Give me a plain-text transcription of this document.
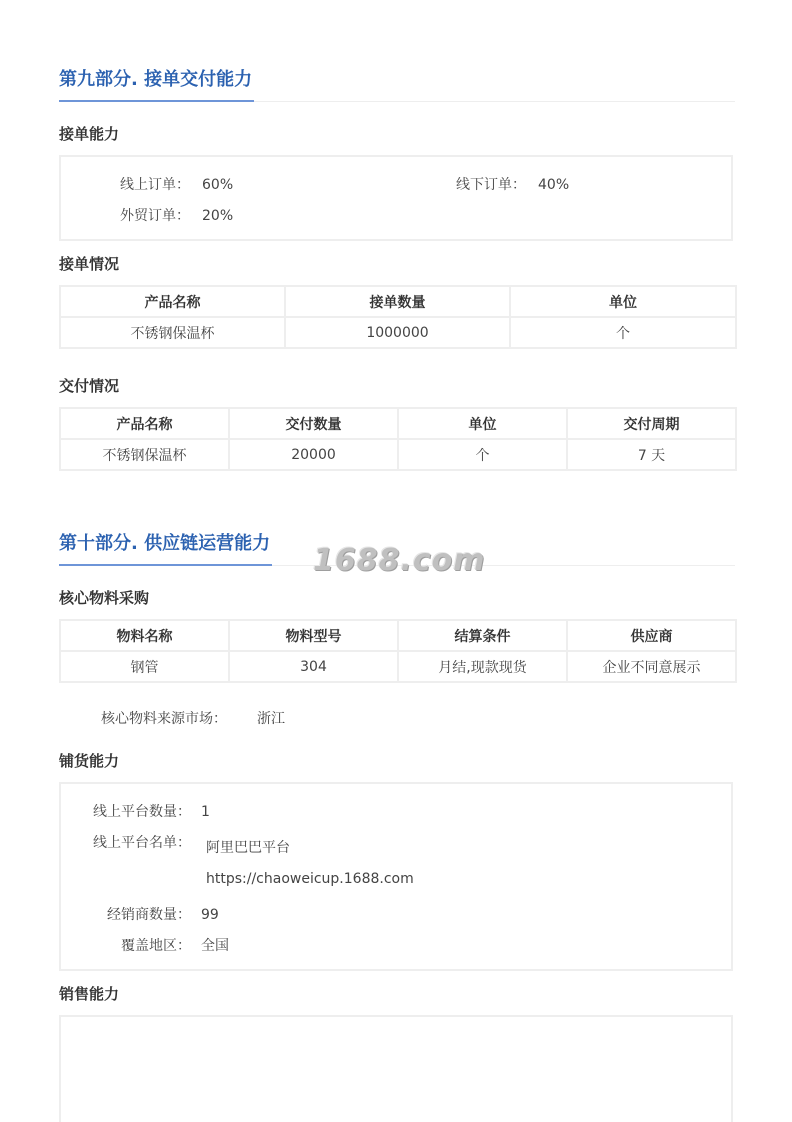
第九部分. 接单交付能力
接单能力
线上订单： 60%	线下订单： 40%
外贸订单： 20%
接单情况
产品名称	接单数量	单位
不锈钢保温杯	1000000	个
交付情况
产品名称	交付数量	单位	交付周期
不锈钢保温杯	20000	个	7 天
第十部分. 供应链运营能力
核心物料采购
物料名称	物料型号	结算条件	供应商
钢管	304	月结,现款现货	企业不同意展示
核心物料来源市场： 浙江
铺货能力
线上平台数量： 1
线上平台名单： 阿里巴巴平台
https://chaoweicup.1688.com
经销商数量： 99
覆盖地区： 全国
销售能力
1688.com
